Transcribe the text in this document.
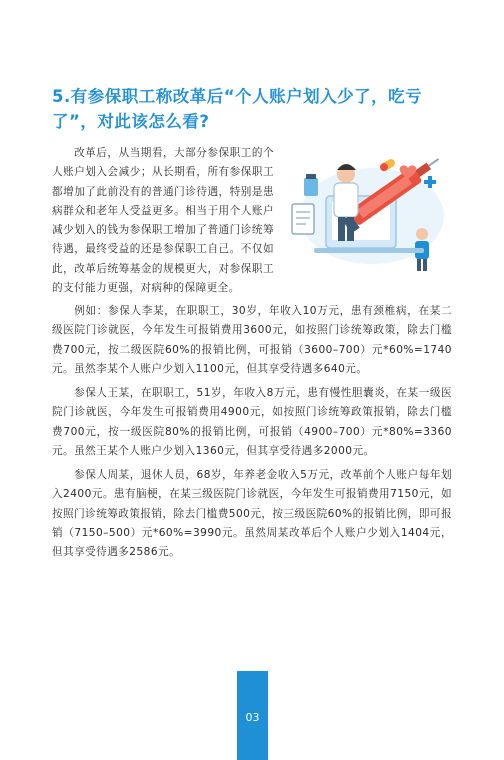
5.有参保职工称改革后“个人账户划入少了，吃亏了”，对此该怎么看?
改革后，从当期看，大部分参保职工的个人账户划入会减少；从长期看，所有参保职工都增加了此前没有的普通门诊待遇，特别是患病群众和老年人受益更多。相当于用个人账户减少划入的钱为参保职工增加了普通门诊统筹待遇，最终受益的还是参保职工自己。不仅如此，改革后统筹基金的规模更大，对参保职工的支付能力更强，对病种的保障更全。

例如：参保人李某，在职职工，30岁，年收入10万元，患有颈椎病，在某二级医院门诊就医，今年发生可报销费用3600元，如按照门诊统筹政策，除去门槛费700元，按二级医院60%的报销比例，可报销（3600–700）元*60%=1740元。虽然李某个人账户少划入1100元，但其享受待遇多640元。

参保人王某，在职职工，51岁，年收入8万元，患有慢性胆囊炎，在某一级医院门诊就医，今年发生可报销费用4900元，如按照门诊统筹政策报销，除去门槛费700元，按一级医院80%的报销比例，可报销（4900–700）元*80%=3360元。虽然王某个人账户少划入1360元，但其享受待遇多2000元。

参保人周某，退休人员，68岁，年养老金收入5万元，改革前个人账户每年划入2400元。患有脑梗，在某三级医院门诊就医，今年发生可报销费用7150元，如按照门诊统筹政策报销，除去门槛费500元，按三级医院60%的报销比例，即可报销（7150–500）元*60%=3990元。虽然周某改革后个人账户少划入1404元，但其享受待遇多2586元。

03
